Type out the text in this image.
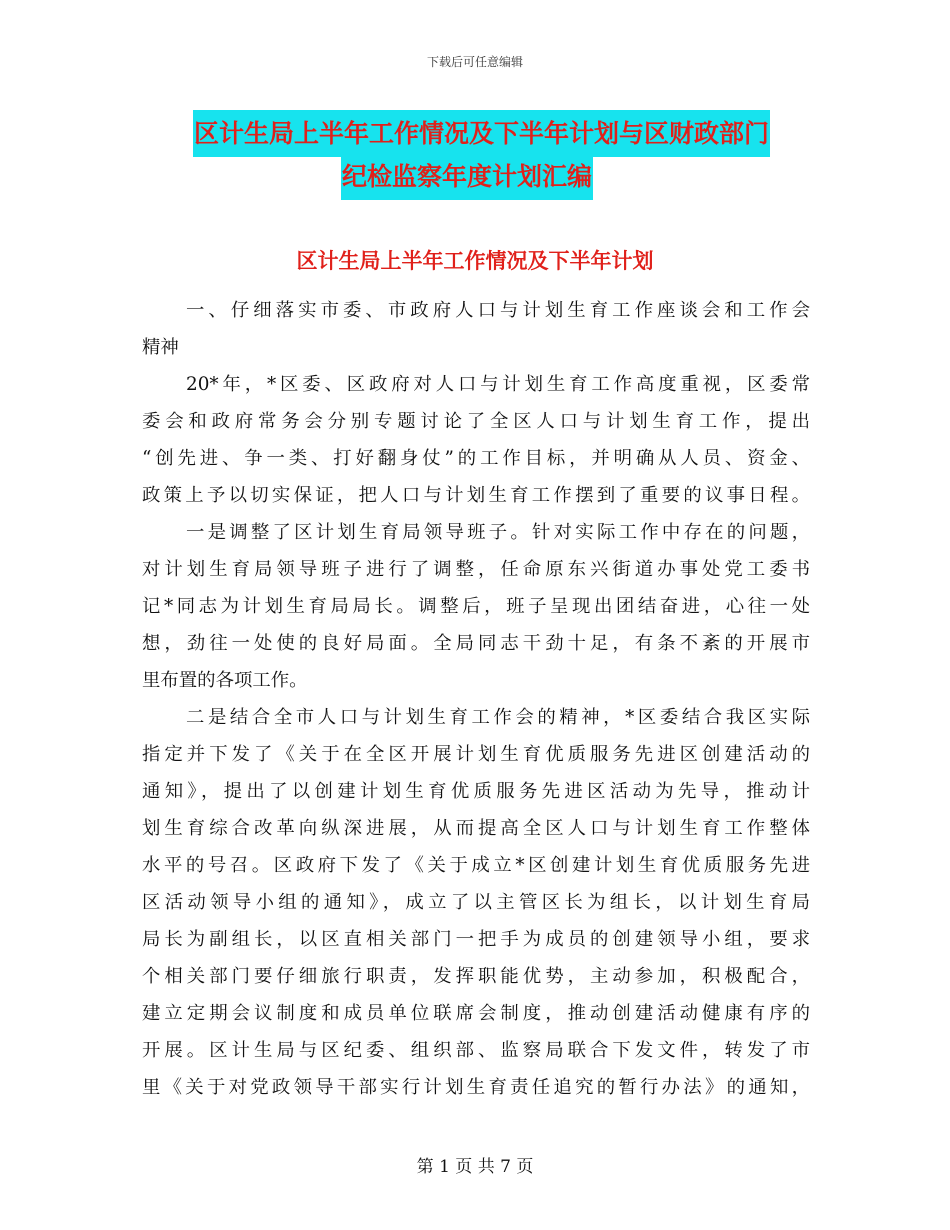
下载后可任意编辑
区计生局上半年工作情况及下半年计划与区财政部门
纪检监察年度计划汇编
区计生局上半年工作情况及下半年计划
一、仔细落实市委、市政府人口与计划生育工作座谈会和工作会
精神
20*年，*区委、区政府对人口与计划生育工作高度重视，区委常
委会和政府常务会分别专题讨论了全区人口与计划生育工作，提出
“创先进、争一类、打好翻身仗”的工作目标，并明确从人员、资金、
政策上予以切实保证，把人口与计划生育工作摆到了重要的议事日程。
一是调整了区计划生育局领导班子。针对实际工作中存在的问题，
对计划生育局领导班子进行了调整，任命原东兴街道办事处党工委书
记*同志为计划生育局局长。调整后，班子呈现出团结奋进，心往一处
想，劲往一处使的良好局面。全局同志干劲十足，有条不紊的开展市
里布置的各项工作。
二是结合全市人口与计划生育工作会的精神，*区委结合我区实际
指定并下发了《关于在全区开展计划生育优质服务先进区创建活动的
通知》，提出了以创建计划生育优质服务先进区活动为先导，推动计
划生育综合改革向纵深进展，从而提高全区人口与计划生育工作整体
水平的号召。区政府下发了《关于成立*区创建计划生育优质服务先进
区活动领导小组的通知》，成立了以主管区长为组长，以计划生育局
局长为副组长，以区直相关部门一把手为成员的创建领导小组，要求
个相关部门要仔细旅行职责，发挥职能优势，主动参加，积极配合，
建立定期会议制度和成员单位联席会制度，推动创建活动健康有序的
开展。区计生局与区纪委、组织部、监察局联合下发文件，转发了市
里《关于对党政领导干部实行计划生育责任追究的暂行办法》的通知，
第 1 页 共 7 页
